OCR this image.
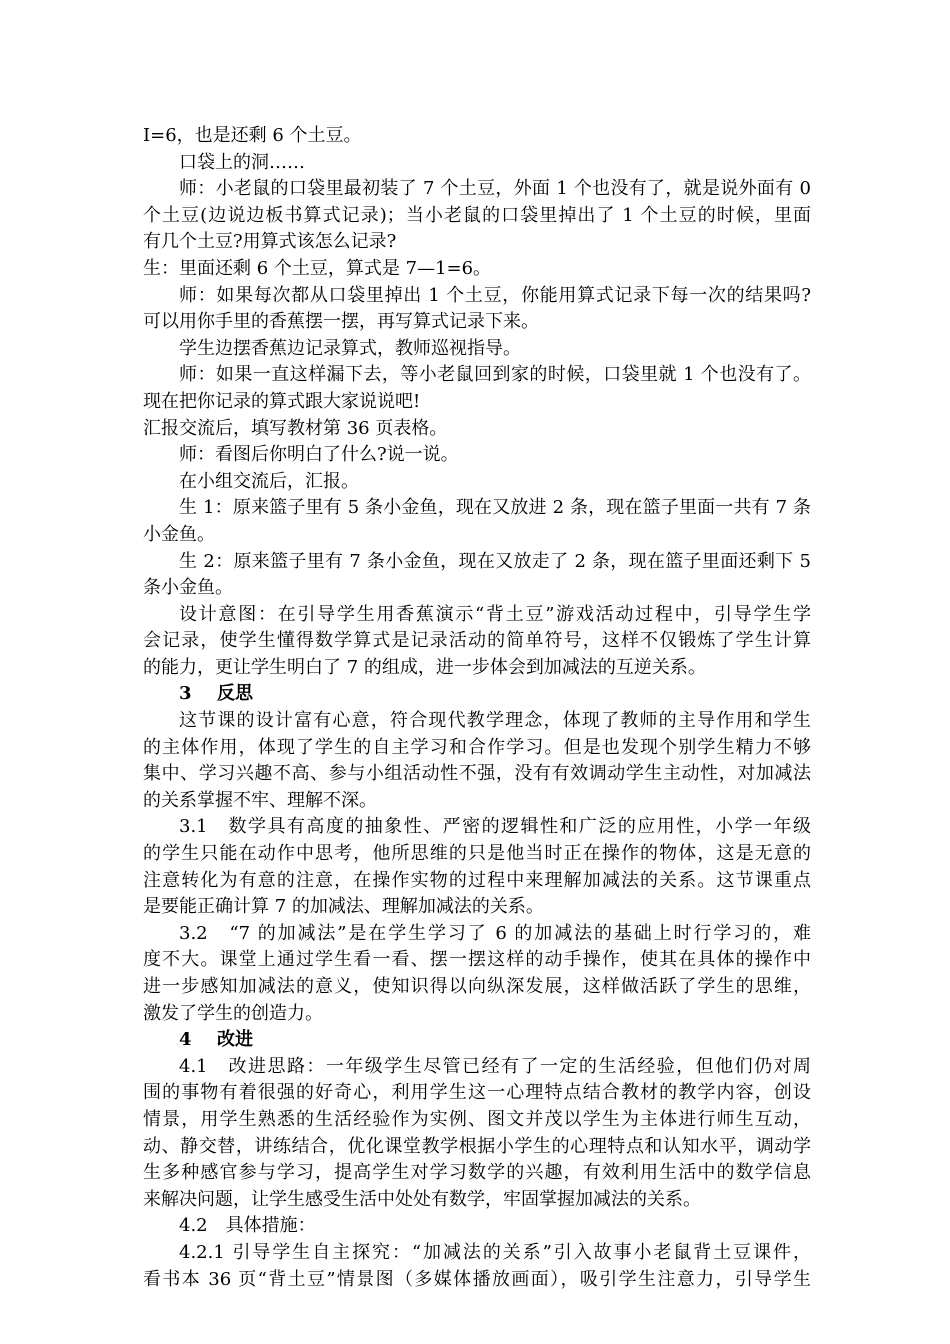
I=6，也是还剩 6 个土豆。
口袋上的洞……
师：小老鼠的口袋里最初装了 7 个土豆，外面 1 个也没有了，就是说外面有 0
个土豆(边说边板书算式记录)；当小老鼠的口袋里掉出了 1 个土豆的时候，里面
有几个土豆?用算式该怎么记录?
生：里面还剩 6 个土豆，算式是 7—1=6。
师：如果每次都从口袋里掉出 1 个土豆，你能用算式记录下每一次的结果吗?
可以用你手里的香蕉摆一摆，再写算式记录下来。
学生边摆香蕉边记录算式，教师巡视指导。
师：如果一直这样漏下去，等小老鼠回到家的时候，口袋里就 1 个也没有了。
现在把你记录的算式跟大家说说吧!
汇报交流后，填写教材第 36 页表格。
师：看图后你明白了什么?说一说。
在小组交流后，汇报。
生 1：原来篮子里有 5 条小金鱼，现在又放进 2 条，现在篮子里面一共有 7 条
小金鱼。
生 2：原来篮子里有 7 条小金鱼，现在又放走了 2 条，现在篮子里面还剩下 5
条小金鱼。
设计意图：在引导学生用香蕉演示“背土豆”游戏活动过程中，引导学生学
会记录，使学生懂得数学算式是记录活动的简单符号，这样不仅锻炼了学生计算
的能力，更让学生明白了 7 的组成，进一步体会到加减法的互逆关系。
3 反思
这节课的设计富有心意，符合现代教学理念，体现了教师的主导作用和学生
的主体作用，体现了学生的自主学习和合作学习。但是也发现个别学生精力不够
集中、学习兴趣不高、参与小组活动性不强，没有有效调动学生主动性，对加减法
的关系掌握不牢、理解不深。
3.1　数学具有高度的抽象性、严密的逻辑性和广泛的应用性，小学一年级
的学生只能在动作中思考，他所思维的只是他当时正在操作的物体，这是无意的
注意转化为有意的注意，在操作实物的过程中来理解加减法的关系。这节课重点
是要能正确计算 7 的加减法、理解加减法的关系。
3.2　“7 的加减法”是在学生学习了 6 的加减法的基础上时行学习的，难
度不大。课堂上通过学生看一看、摆一摆这样的动手操作，使其在具体的操作中
进一步感知加减法的意义，使知识得以向纵深发展，这样做活跃了学生的思维，
激发了学生的创造力。
4 改进
4.1　改进思路：一年级学生尽管已经有了一定的生活经验，但他们仍对周
围的事物有着很强的好奇心，利用学生这一心理特点结合教材的教学内容，创设
情景，用学生熟悉的生活经验作为实例、图文并茂以学生为主体进行师生互动，
动、静交替，讲练结合，优化课堂教学根据小学生的心理特点和认知水平，调动学
生多种感官参与学习，提高学生对学习数学的兴趣，有效利用生活中的数学信息
来解决问题，让学生感受生活中处处有数学，牢固掌握加减法的关系。
4.2　具体措施：
4.2.1 引导学生自主探究：“加减法的关系”引入故事小老鼠背土豆课件，
看书本 36 页“背土豆”情景图（多媒体播放画面），吸引学生注意力，引导学生
